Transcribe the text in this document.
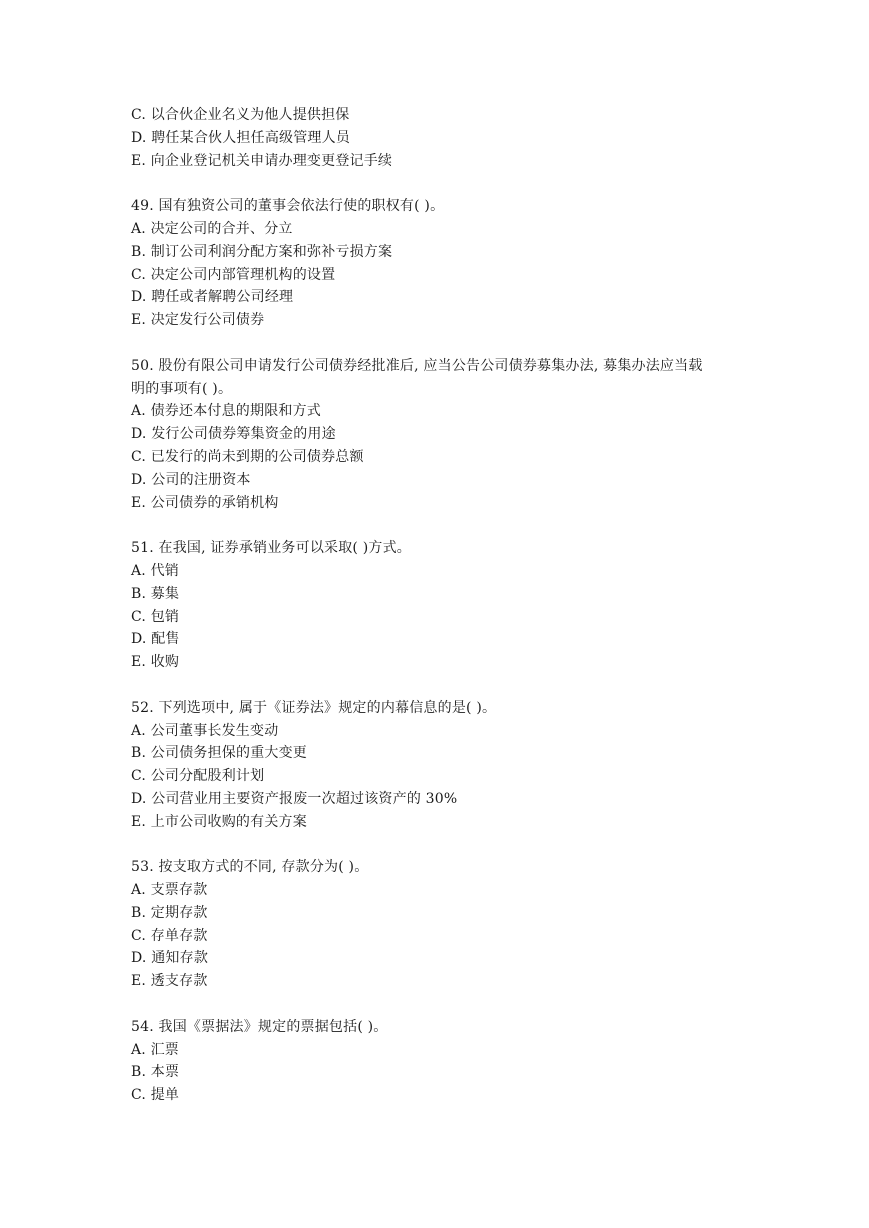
C. 以合伙企业名义为他人提供担保
D. 聘任某合伙人担任高级管理人员
E. 向企业登记机关申请办理变更登记手续
49. 国有独资公司的董事会依法行使的职权有( )。
A. 决定公司的合并、分立
B. 制订公司利润分配方案和弥补亏损方案
C. 决定公司内部管理机构的设置
D. 聘任或者解聘公司经理
E. 决定发行公司债券
50. 股份有限公司申请发行公司债券经批准后, 应当公告公司债券募集办法, 募集办法应当载
明的事项有( )。
A. 债券还本付息的期限和方式
D. 发行公司债券筹集资金的用途
C. 已发行的尚未到期的公司债券总额
D. 公司的注册资本
E. 公司债券的承销机构
51. 在我国, 证券承销业务可以采取( )方式。
A. 代销
B. 募集
C. 包销
D. 配售
E. 收购
52. 下列选项中, 属于《证券法》规定的内幕信息的是( )。
A. 公司董事长发生变动
B. 公司债务担保的重大变更
C. 公司分配股利计划
D. 公司营业用主要资产报废一次超过该资产的 30%
E. 上市公司收购的有关方案
53. 按支取方式的不同, 存款分为( )。
A. 支票存款
B. 定期存款
C. 存单存款
D. 通知存款
E. 透支存款
54. 我国《票据法》规定的票据包括( )。
A. 汇票
B. 本票
C. 提单
